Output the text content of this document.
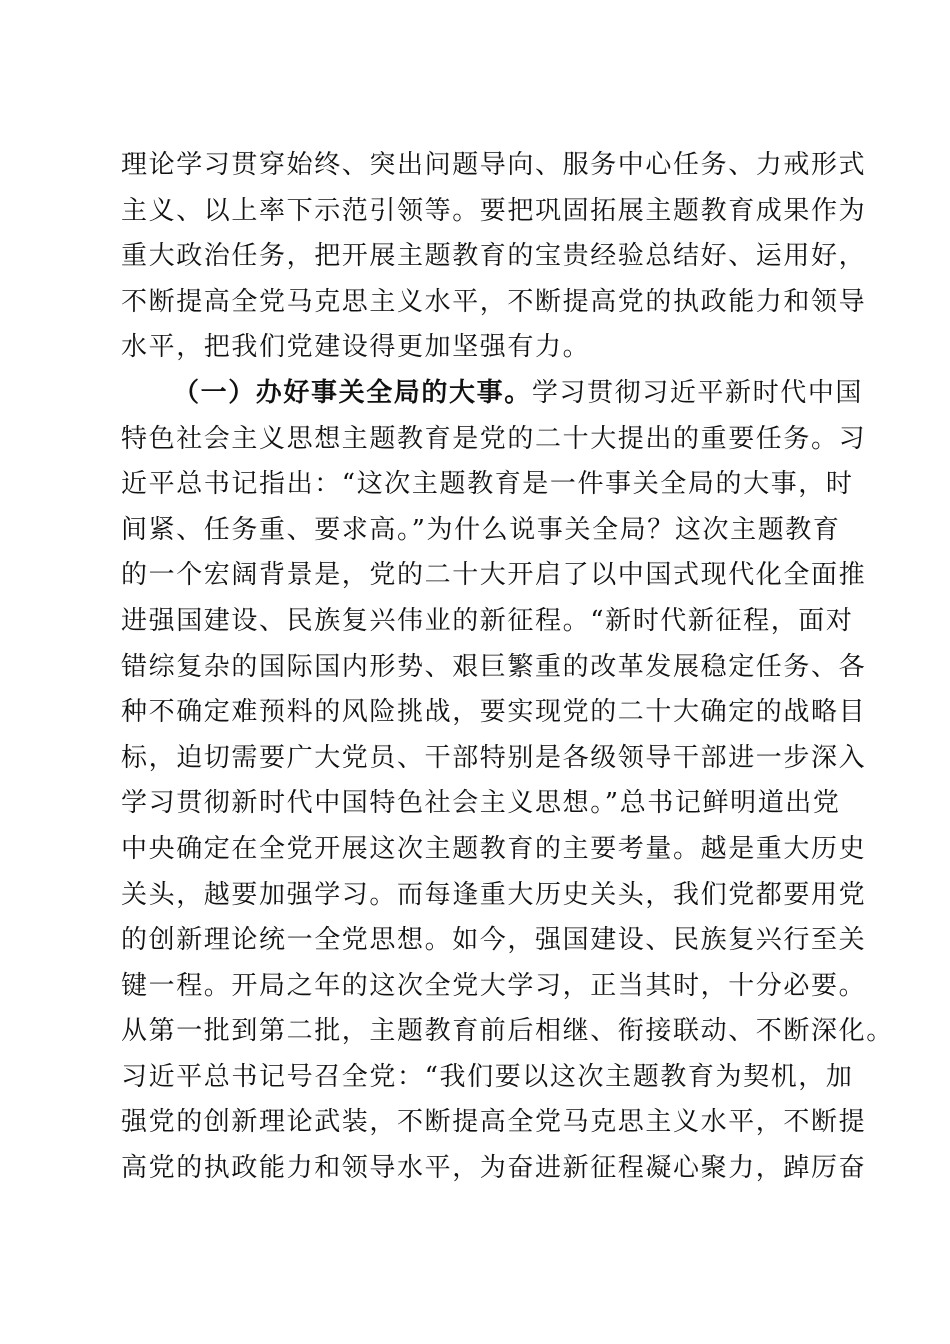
理论学习贯穿始终、突出问题导向、服务中心任务、力戒形式
主义、以上率下示范引领等。要把巩固拓展主题教育成果作为
重大政治任务，把开展主题教育的宝贵经验总结好、运用好，
不断提高全党马克思主义水平，不断提高党的执政能力和领导
水平，把我们党建设得更加坚强有力。
（一）办好事关全局的大事。学习贯彻习近平新时代中国
特色社会主义思想主题教育是党的二十大提出的重要任务。习
近平总书记指出：“这次主题教育是一件事关全局的大事，时
间紧、任务重、要求高。”为什么说事关全局？这次主题教育
的一个宏阔背景是，党的二十大开启了以中国式现代化全面推
进强国建设、民族复兴伟业的新征程。“新时代新征程，面对
错综复杂的国际国内形势、艰巨繁重的改革发展稳定任务、各
种不确定难预料的风险挑战，要实现党的二十大确定的战略目
标，迫切需要广大党员、干部特别是各级领导干部进一步深入
学习贯彻新时代中国特色社会主义思想。”总书记鲜明道出党
中央确定在全党开展这次主题教育的主要考量。越是重大历史
关头，越要加强学习。而每逢重大历史关头，我们党都要用党
的创新理论统一全党思想。如今，强国建设、民族复兴行至关
键一程。开局之年的这次全党大学习，正当其时，十分必要。
从第一批到第二批，主题教育前后相继、衔接联动、不断深化。
习近平总书记号召全党：“我们要以这次主题教育为契机，加
强党的创新理论武装，不断提高全党马克思主义水平，不断提
高党的执政能力和领导水平，为奋进新征程凝心聚力，踔厉奋
